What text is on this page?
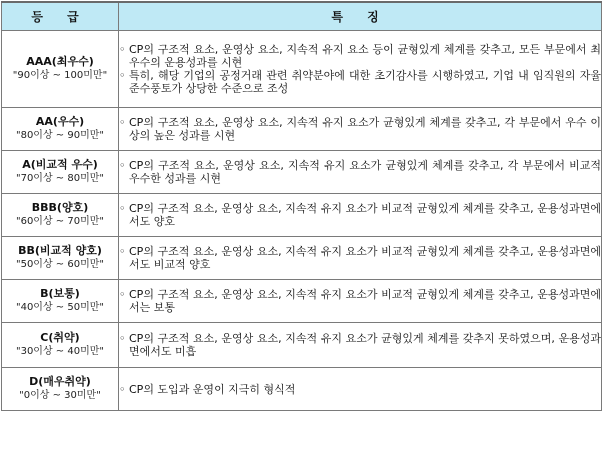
등 급	특 징

AAA(최우수)
"90이상 ~ 100미만"	◦ CP의 구조적 요소, 운영상 요소, 지속적 유지 요소 등이 균형있게 체계를 갖추고, 모든 부문에서 최우수의 운용성과를 시현
◦ 특히, 해당 기업의 공정거래 관련 취약분야에 대한 초기감사를 시행하였고, 기업 내 임직원의 자율준수풍토가 상당한 수준으로 조성

AA(우수)
"80이상 ~ 90미만"	◦ CP의 구조적 요소, 운영상 요소, 지속적 유지 요소가 균형있게 체계를 갖추고, 각 부문에서 우수 이상의 높은 성과를 시현

A(비교적 우수)
"70이상 ~ 80미만"	◦ CP의 구조적 요소, 운영상 요소, 지속적 유지 요소가 균형있게 체계를 갖추고, 각 부문에서 비교적 우수한 성과를 시현

BBB(양호)
"60이상 ~ 70미만"	◦ CP의 구조적 요소, 운영상 요소, 지속적 유지 요소가 비교적 균형있게 체계를 갖추고, 운용성과면에서도 양호

BB(비교적 양호)
"50이상 ~ 60미만"	◦ CP의 구조적 요소, 운영상 요소, 지속적 유지 요소가 비교적 균형있게 체계를 갖추고, 운용성과면에서도 비교적 양호

B(보통)
"40이상 ~ 50미만"	◦ CP의 구조적 요소, 운영상 요소, 지속적 유지 요소가 비교적 균형있게 체계를 갖추고, 운용성과면에서는 보통

C(취약)
"30이상 ~ 40미만"	◦ CP의 구조적 요소, 운영상 요소, 지속적 유지 요소가 균형있게 체계를 갖추지 못하였으며, 운용성과면에서도 미흡

D(매우취약)
"0이상 ~ 30미만"	◦ CP의 도입과 운영이 지극히 형식적
